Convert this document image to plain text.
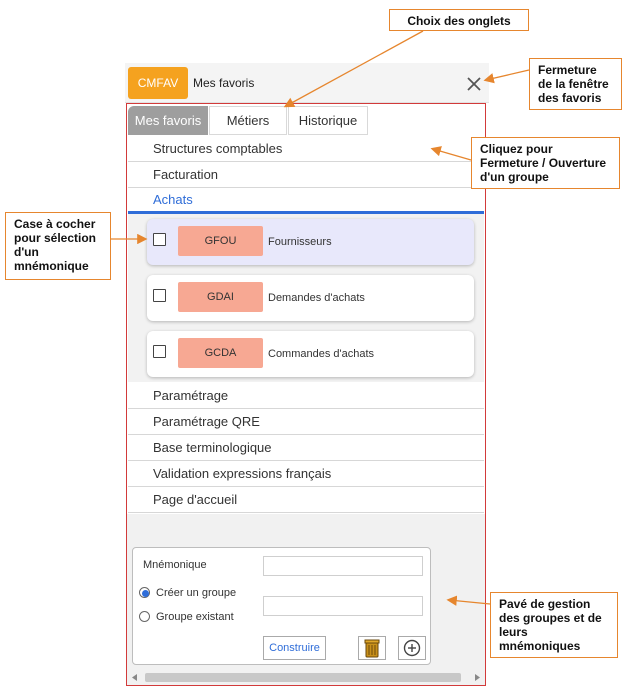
CMFAV	Mes favoris
Mes favoris	Métiers	Historique
Structures comptables
Facturation
Achats
GFOU	Fournisseurs
GDAI	Demandes d'achats
GCDA	Commandes d'achats
Paramétrage
Paramétrage QRE
Base terminologique
Validation expressions français
Page d'accueil
Mnémonique
Créer un groupe
Groupe existant
Construire
Choix des onglets
Fermeture
de la fenêtre
des favoris
Cliquez pour
Fermeture / Ouverture
d'un groupe
Case à cocher
pour sélection
d'un
mnémonique
Pavé de gestion
des groupes et de
leurs
mnémoniques
